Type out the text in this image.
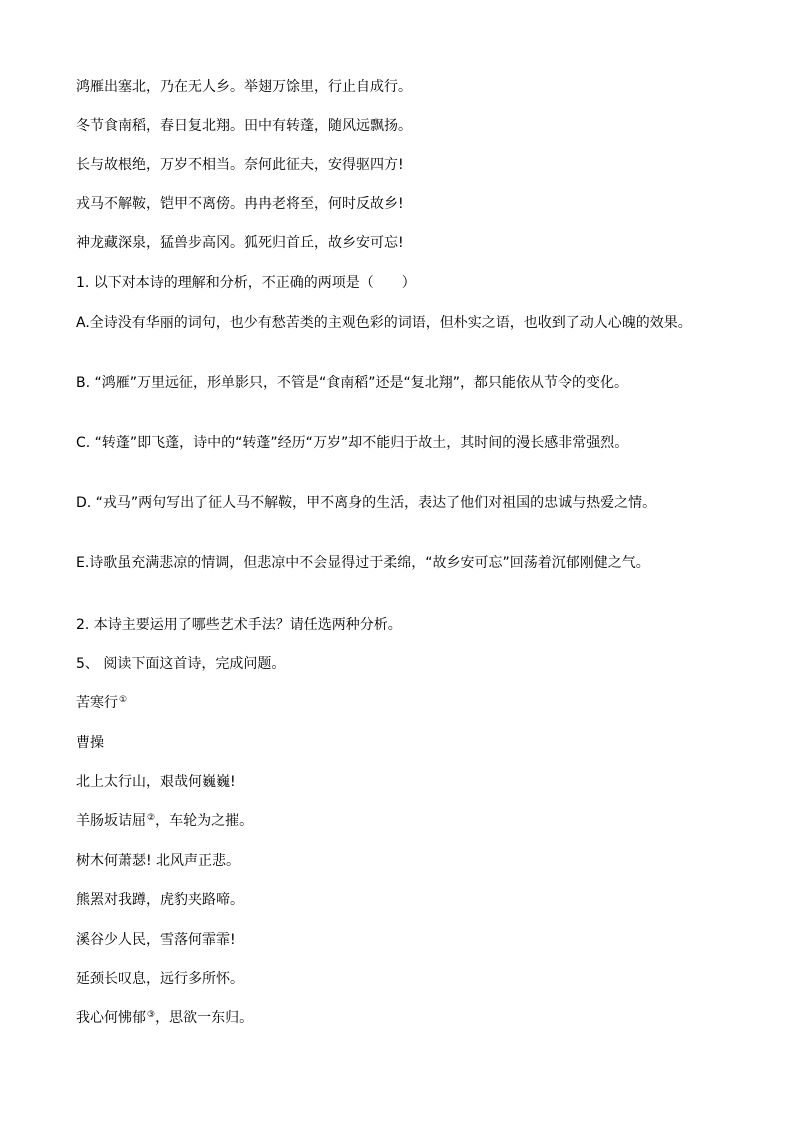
鸿雁出塞北，乃在无人乡。举翅万馀里，行止自成行。
冬节食南稻，春日复北翔。田中有转蓬，随风远飘扬。
长与故根绝，万岁不相当。奈何此征夫，安得驱四方!
戎马不解鞍，铠甲不离傍。冉冉老将至，何时反故乡!
神龙藏深泉，猛兽步高冈。狐死归首丘，故乡安可忘!
1. 以下对本诗的理解和分析，不正确的两项是（　　）
A.全诗没有华丽的词句，也少有愁苦类的主观色彩的词语，但朴实之语，也收到了动人心魄的效果。
B. “鸿雁”万里远征，形单影只，不管是“食南稻”还是“复北翔”，都只能依从节令的变化。
C. “转蓬”即飞蓬，诗中的“转蓬”经历“万岁”却不能归于故土，其时间的漫长感非常强烈。
D. “戎马”两句写出了征人马不解鞍，甲不离身的生活，表达了他们对祖国的忠诚与热爱之情。
E.诗歌虽充满悲凉的情调，但悲凉中不会显得过于柔绵，“故乡安可忘”回荡着沉郁刚健之气。
2. 本诗主要运用了哪些艺术手法？请任选两种分析。
5、 阅读下面这首诗，完成问题。
苦寒行①
曹操
北上太行山，艰哉何巍巍!
羊肠坂诘屈②，车轮为之摧。
树木何萧瑟! 北风声正悲。
熊罴对我蹲，虎豹夹路啼。
溪谷少人民，雪落何霏霏!
延颈长叹息，远行多所怀。
我心何怫郁③，思欲一东归。
